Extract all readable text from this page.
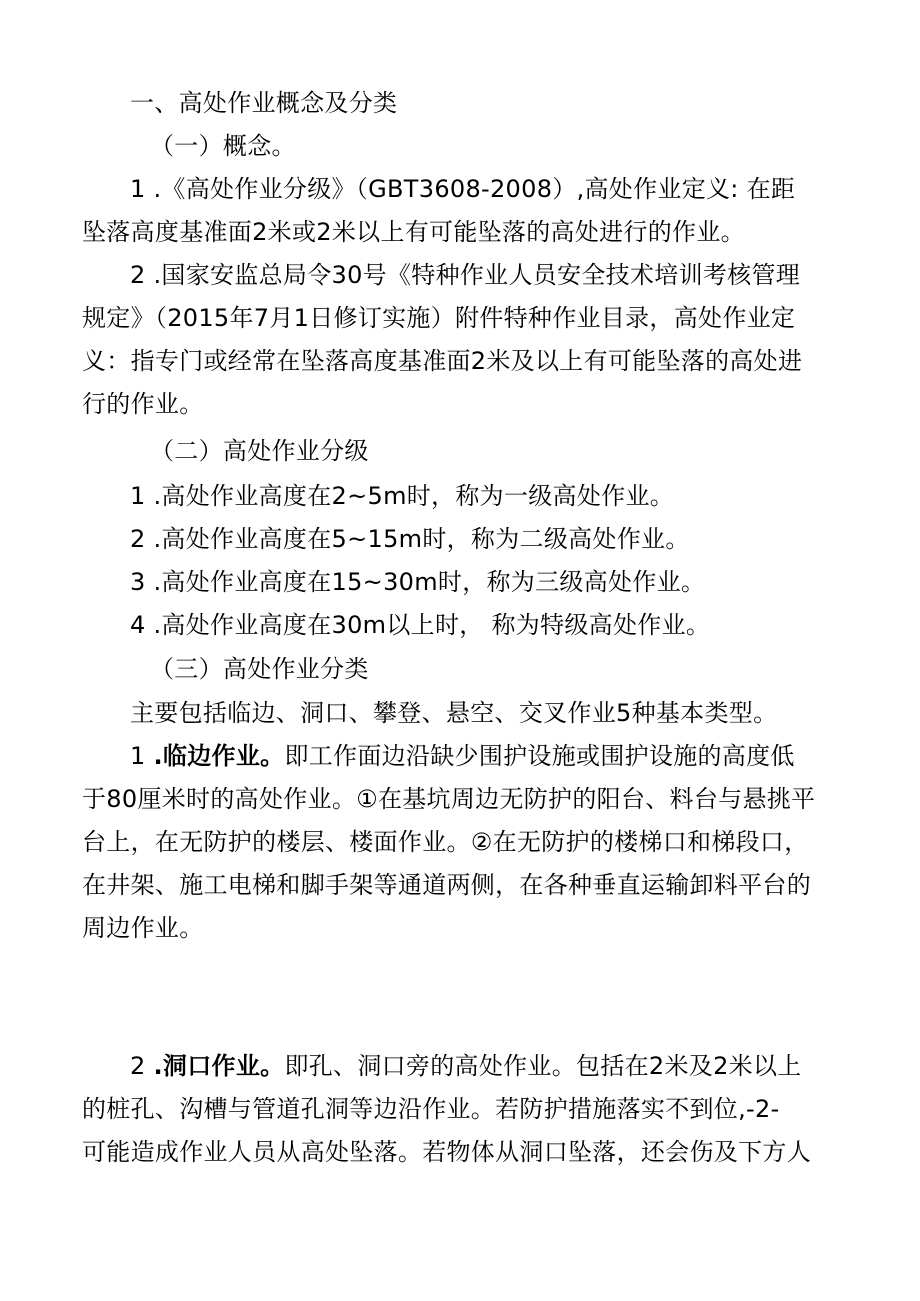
一、高处作业概念及分类
（一）概念。
1 .《高处作业分级》（GBT3608-2008）,高处作业定义: 在距
坠落高度基准面2米或2米以上有可能坠落的高处进行的作业。
2 .国家安监总局令30号《特种作业人员安全技术培训考核管理
规定》（2015年7月1日修订实施）附件特种作业目录，高处作业定
义：指专门或经常在坠落高度基准面2米及以上有可能坠落的高处进
行的作业。
（二）高处作业分级
1 .高处作业高度在2~5m时，称为一级高处作业。
2 .高处作业高度在5~15m时，称为二级高处作业。
3 .高处作业高度在15~30m时，称为三级高处作业。
4 .高处作业高度在30m以上时， 称为特级高处作业。
（三）高处作业分类
主要包括临边、洞口、攀登、悬空、交叉作业5种基本类型。
1 .临边作业。即工作面边沿缺少围护设施或围护设施的高度低
于80厘米时的高处作业。①在基坑周边无防护的阳台、料台与悬挑平
台上，在无防护的楼层、楼面作业。②在无防护的楼梯口和梯段口，
在井架、施工电梯和脚手架等通道两侧，在各种垂直运输卸料平台的
周边作业。
2 .洞口作业。即孔、洞口旁的高处作业。包括在2米及2米以上
的桩孔、沟槽与管道孔洞等边沿作业。若防护措施落实不到位,-2-
可能造成作业人员从高处坠落。若物体从洞口坠落，还会伤及下方人
